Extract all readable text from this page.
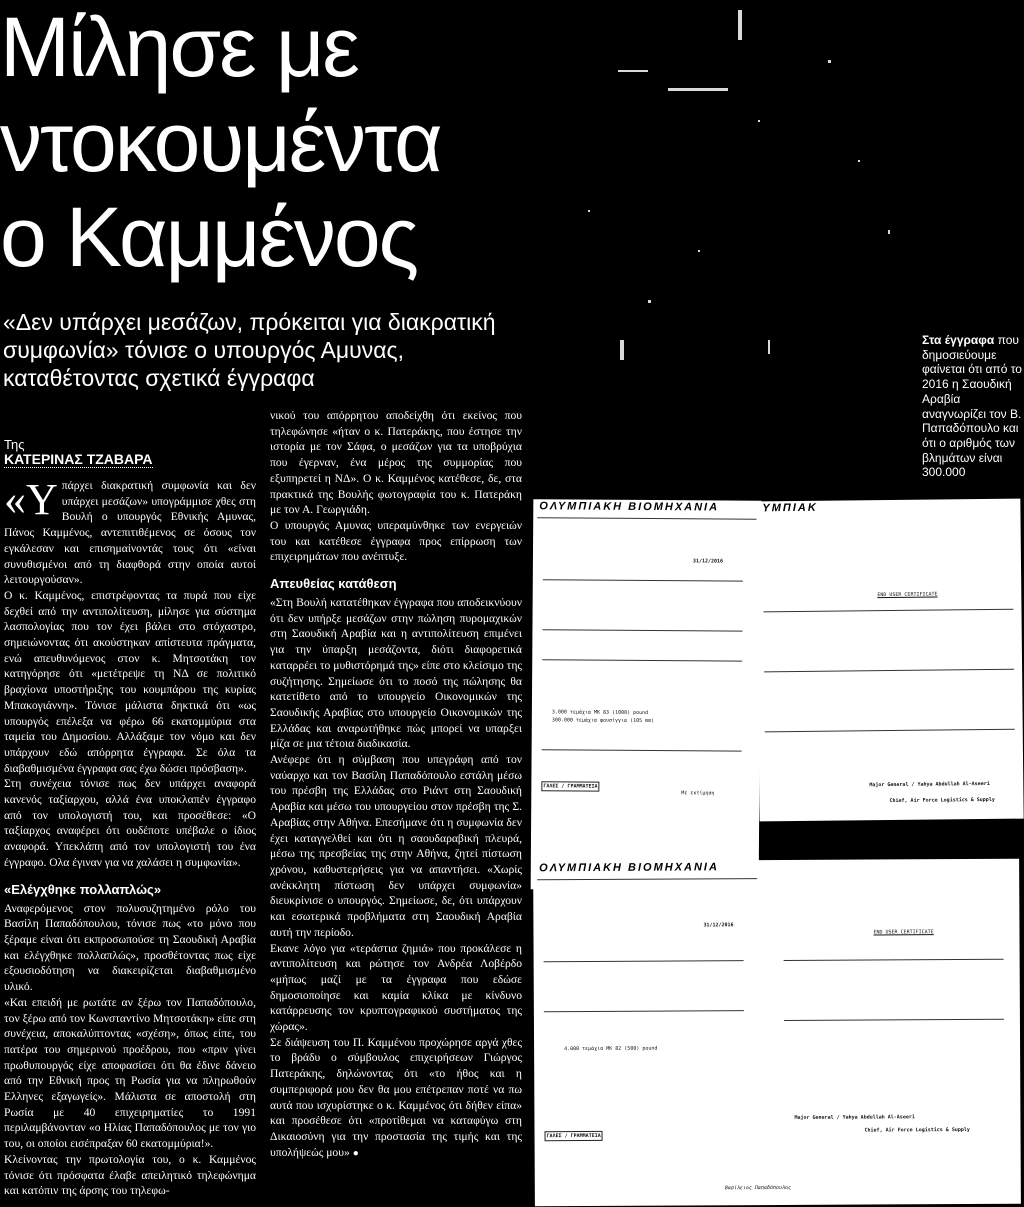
Μίλησε με
ντοκουμέντα
ο Καμμένος

«Δεν υπάρχει μεσάζων, πρόκειται για διακρατική συμφωνία» τόνισε ο υπουργός Αμυνας, καταθέτοντας σχετικά έγγραφα

Της
ΚΑΤΕΡΙΝΑΣ ΤΖΑΒΑΡΑ

«Υπάρχει διακρατική συμφωνία και δεν υπάρχει μεσάζων» υπογράμμισε χθες στη Βουλή ο υπουργός Εθνικής Αμυνας, Πάνος Καμμένος, αντεπιτιθέμενος σε όσους τον εγκάλεσαν και επισημαίνοντάς τους ότι «είναι συνυθισμένοι από τη διαφθορά στην οποία αυτοί λειτουργούσαν».

Ο κ. Καμμένος, επιστρέφοντας τα πυρά που είχε δεχθεί από την αντιπολίτευση, μίλησε για σύστημα λασπολογίας που τον έχει βάλει στο στόχαστρο, σημειώνοντας ότι ακούστηκαν απίστευτα πράγματα, ενώ απευθυνόμενος στον κ. Μητσοτάκη τον κατηγόρησε ότι «μετέτρεψε τη ΝΔ σε πολιτικό βραχίονα υποστήριξης του κουμπάρου της κυρίας Μπακογιάννη». Τόνισε μάλιστα δηκτικά ότι «ως υπουργός επέλεξα να φέρω 66 εκατομμύρια στα ταμεία του Δημοσίου. Αλλάξαμε τον νόμο και δεν υπάρχουν εδώ απόρρητα έγγραφα. Σε όλα τα διαβαθμισμένα έγγραφα σας έχω δώσει πρόσβαση».

Στη συνέχεια τόνισε πως δεν υπάρχει αναφορά κανενός ταξίαρχου, αλλά ένα υποκλαπέν έγγραφο από τον υπολογιστή του, και προσέθεσε: «Ο ταξίαρχος αναφέρει ότι ουδέποτε υπέβαλε ο ίδιος αναφορά. Υπεκλάπη από τον υπολογιστή του ένα έγγραφο. Ολα έγιναν για να χαλάσει η συμφωνία».

«Ελέγχθηκε πολλαπλώς»

Αναφερόμενος στον πολυσυζητημένο ρόλο του Βασίλη Παπαδόπουλου, τόνισε πως «το μόνο που ξέραμε είναι ότι εκπροσωπούσε τη Σαουδική Αραβία και ελέγχθηκε πολλαπλώς», προσθέτοντας πως είχε εξουσιοδότηση να διακειρίζεται διαβαθμισμένο υλικό.

«Και επειδή με ρωτάτε αν ξέρω τον Παπαδόπουλο, τον ξέρω από τον Κωνσταντίνο Μητσοτάκη» είπε στη συνέχεια, αποκαλύπτοντας «σχέση», όπως είπε, του πατέρα του σημερινού προέδρου, που «πριν γίνει πρωθυπουργός είχε αποφασίσει ότι θα έδινε δάνειο από την Εθνική προς τη Ρωσία για να πληρωθούν Ελληνες εξαγωγείς». Μάλιστα σε αποστολή στη Ρωσία με 40 επιχειρηματίες το 1991 περιλαμβάνονταν «ο Ηλίας Παπαδόπουλος με τον γιο του, οι οποίοι εισέπραξαν 60 εκατομμύρια!».

Κλείνοντας την πρωτολογία του, ο κ. Καμμένος τόνισε ότι πρόσφατα έλαβε απειλητικό τηλεφώνημα και κατόπιν της άρσης του τηλεφω-

νικού του απόρρητου αποδείχθη ότι εκείνος που τηλεφώνησε «ήταν ο κ. Πατεράκης, που έστησε την ιστορία με τον Σάφα, ο μεσάζων για τα υποβρύχια που έγερναν, ένα μέρος της συμμορίας που εξυπηρετεί η ΝΔ». Ο κ. Καμμένος κατέθεσε, δε, στα πρακτικά της Βουλής φωτογραφία του κ. Πατεράκη με τον Α. Γεωργιάδη.

Ο υπουργός Αμυνας υπεραμύνθηκε των ενεργειών του και κατέθεσε έγγραφα προς επίρρωση των επιχειρημάτων που ανέπτυξε.

Απευθείας κατάθεση

«Στη Βουλή κατατέθηκαν έγγραφα που αποδεικνύουν ότι δεν υπήρξε μεσάζων στην πώληση πυρομαχικών στη Σαουδική Αραβία και η αντιπολίτευση επιμένει για την ύπαρξη μεσάζοντα, διότι διαφορετικά καταρρέει το μυθιστόρημά της» είπε στο κλείσιμο της συζήτησης. Σημείωσε ότι το ποσό της πώλησης θα κατετίθετο από το υπουργείο Οικονομικών της Σαουδικής Αραβίας στο υπουργείο Οικονομικών της Ελλάδας και αναρωτήθηκε πώς μπορεί να υπαρξει μίζα σε μια τέτοια διαδικασία.

Ανέφερε ότι η σύμβαση που υπεγράφη από τον ναύαρχο και τον Βασίλη Παπαδόπουλο εστάλη μέσω του πρέσβη της Ελλάδας στο Ριάντ στη Σαουδική Αραβία και μέσω του υπουργείου στον πρέσβη της Σ. Αραβίας στην Αθήνα. Επεσήμανε ότι η συμφωνία δεν έχει καταγγελθεί και ότι η σαουδαραβική πλευρά, μέσω της πρεσβείας της στην Αθήνα, ζητεί πίστωση χρόνου, καθυστερήσεις για να απαντήσει. «Χωρίς ανέκκλητη πίστωση δεν υπάρχει συμφωνία» διευκρίνισε ο υπουργός. Σημείωσε, δε, ότι υπάρχουν και εσωτερικά προβλήματα στη Σαουδική Αραβία αυτή την περίοδο.

Εκανε λόγο για «τεράστια ζημιά» που προκάλεσε η αντιπολίτευση και ρώτησε τον Ανδρέα Λοβέρδο «μήπως μαζί με τα έγγραφα που εδώσε δημοσιοποίησε και καμία κλίκα με κίνδυνο κατάρρευσης τον κρυπτογραφικού συστήματος της χώρας».

Σε διάψευση του Π. Καμμένου προχώρησε αργά χθες το βράδυ ο σύμβουλος επιχειρήσεων Γιώργος Πατεράκης, δηλώνοντας ότι «το ήθος και η συμπεριφορά μου δεν θα μου επέτρεπαν ποτέ να πω αυτά που ισχυρίστηκε ο κ. Καμμένος ότι δήθεν είπα» και προσέθεσε ότι «προτίθεμαι να καταφύγω στη Δικαιοσύνη για την προστασία της τιμής και της υπολήψεώς μου» ●

ΟΛΥΜΠΙΑΚΗ ΒΙΟΜΗΧΑΝΙΑ
31/12/2016
3.000 τεμάχια ΜΚ 83 (1000) pound
300.000 τεμάχια φουσίγγια (105 mm)
ΓΑΛΕΣ / ΓΡΑΜΜΑΤΕΙΑ
Με εκτίμηση
ΥΜΠΙΑΚ
END USER CERTIFICATE
Major General / Yahya Abdullah Al-Aseeri
Chief, Air Force Logistics & Supply
ΟΛΥΜΠΙΑΚΗ ΒΙΟΜΗΧΑΝΙΑ
31/12/2016
END USER CERTIFICATE
4.000 τεμάχια ΜΚ 82 (500) pound
Major General / Yahya Abdullah Al-Aseeri
Chief, Air Force Logistics & Supply
ΓΑΛΕΣ / ΓΡΑΜΜΑΤΕΙΑ
Βασίλειος Παπαδόπουλος
Στα έγγραφα που δημοσιεύουμε φαίνεται ότι από το 2016 η Σαουδική Αραβία αναγνωρίζει τον Β. Παπαδόπουλο και ότι ο αριθμός των βλημάτων είναι 300.000
